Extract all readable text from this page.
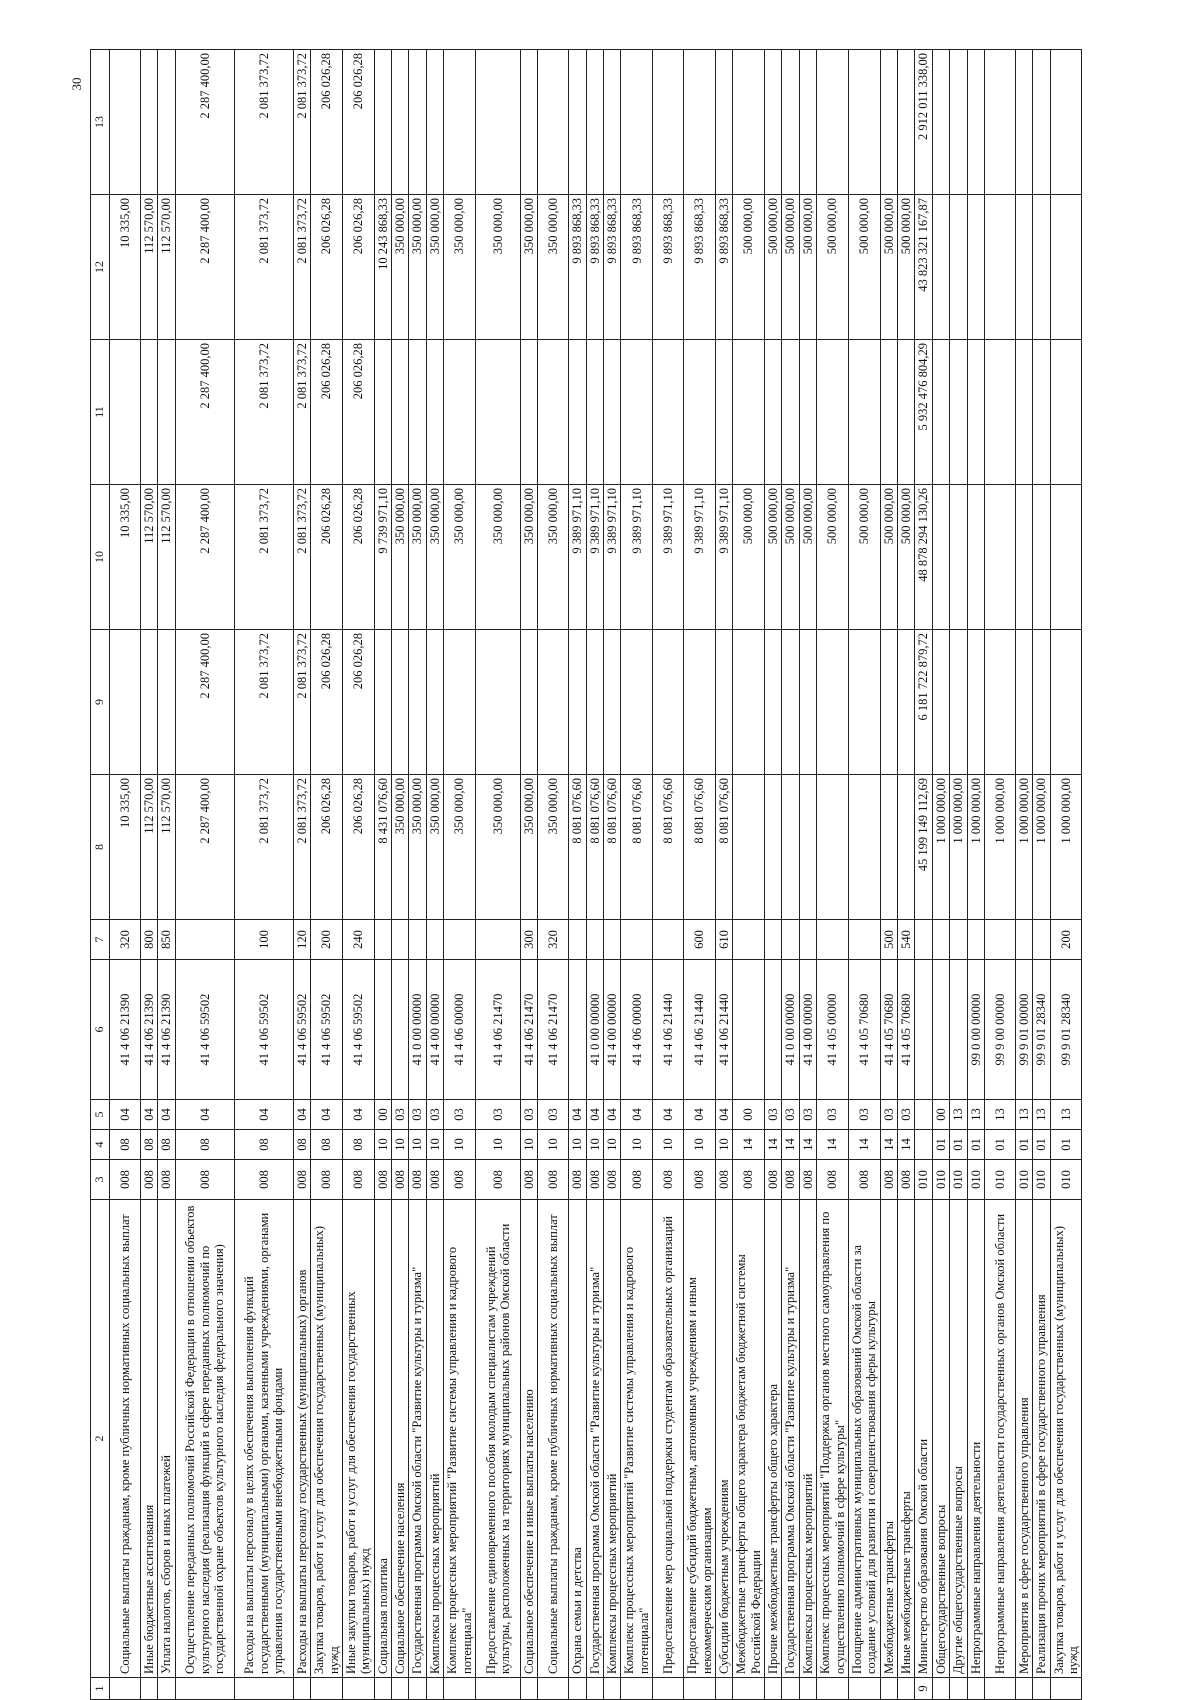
30
1	2	3	4	5	6	7	8	9	10	11	12	13
	Социальные выплаты гражданам, кроме публичных нормативных социальных выплат	008	08	04	41 4 06 21390	320	10 335,00		10 335,00		10 335,00	
	Иные бюджетные ассигнования	008	08	04	41 4 06 21390	800	112 570,00		112 570,00		112 570,00	
	Уплата налогов, сборов и иных платежей	008	08	04	41 4 06 21390	850	112 570,00		112 570,00		112 570,00	
	Осуществление переданных полномочий Российской Федерации в отношении объектов культурного наследия (реализация функций в сфере переданных полномочий по государственной охране объектов культурного наследия федерального значения)	008	08	04	41 4 06 59502		2 287 400,00	2 287 400,00	2 287 400,00	2 287 400,00	2 287 400,00	2 287 400,00
	Расходы на выплаты персоналу в целях обеспечения выполнения функций государственными (муниципальными) органами, казенными учреждениями, органами управления государственными внебюджетными фондами	008	08	04	41 4 06 59502	100	2 081 373,72	2 081 373,72	2 081 373,72	2 081 373,72	2 081 373,72	2 081 373,72
	Расходы на выплаты персоналу государственных (муниципальных) органов	008	08	04	41 4 06 59502	120	2 081 373,72	2 081 373,72	2 081 373,72	2 081 373,72	2 081 373,72	2 081 373,72
	Закупка товаров, работ и услуг для обеспечения государственных (муниципальных) нужд	008	08	04	41 4 06 59502	200	206 026,28	206 026,28	206 026,28	206 026,28	206 026,28	206 026,28
	Иные закупки товаров, работ и услуг для обеспечения государственных (муниципальных) нужд	008	08	04	41 4 06 59502	240	206 026,28	206 026,28	206 026,28	206 026,28	206 026,28	206 026,28
	Социальная политика	008	10	00			8 431 076,60		9 739 971,10		10 243 868,33	
	Социальное обеспечение населения	008	10	03			350 000,00		350 000,00		350 000,00	
	Государственная программа Омской области "Развитие культуры и туризма"	008	10	03	41 0 00 00000		350 000,00		350 000,00		350 000,00	
	Комплексы процессных мероприятий	008	10	03	41 4 00 00000		350 000,00		350 000,00		350 000,00	
	Комплекс процессных мероприятий "Развитие системы управления и кадрового потенциала"	008	10	03	41 4 06 00000		350 000,00		350 000,00		350 000,00	
	Предоставление единовременного пособия молодым специалистам учреждений культуры, расположенных на территориях муниципальных районов Омской области	008	10	03	41 4 06 21470		350 000,00		350 000,00		350 000,00	
	Социальное обеспечение и иные выплаты населению	008	10	03	41 4 06 21470	300	350 000,00		350 000,00		350 000,00	
	Социальные выплаты гражданам, кроме публичных нормативных социальных выплат	008	10	03	41 4 06 21470	320	350 000,00		350 000,00		350 000,00	
	Охрана семьи и детства	008	10	04			8 081 076,60		9 389 971,10		9 893 868,33	
	Государственная программа Омской области "Развитие культуры и туризма"	008	10	04	41 0 00 00000		8 081 076,60		9 389 971,10		9 893 868,33	
	Комплексы процессных мероприятий	008	10	04	41 4 00 00000		8 081 076,60		9 389 971,10		9 893 868,33	
	Комплекс процессных мероприятий "Развитие системы управления и кадрового потенциала"	008	10	04	41 4 06 00000		8 081 076,60		9 389 971,10		9 893 868,33	
	Предоставление мер социальной поддержки студентам образовательных организаций	008	10	04	41 4 06 21440		8 081 076,60		9 389 971,10		9 893 868,33	
	Предоставление субсидий бюджетным, автономным учреждениям и иным некоммерческим организациям	008	10	04	41 4 06 21440	600	8 081 076,60		9 389 971,10		9 893 868,33	
	Субсидии бюджетным учреждениям	008	10	04	41 4 06 21440	610	8 081 076,60		9 389 971,10		9 893 868,33	
	Межбюджетные трансферты общего характера бюджетам бюджетной системы Российской Федерации	008	14	00					500 000,00		500 000,00	
	Прочие межбюджетные трансферты общего характера	008	14	03					500 000,00		500 000,00	
	Государственная программа Омской области "Развитие культуры и туризма"	008	14	03	41 0 00 00000				500 000,00		500 000,00	
	Комплексы процессных мероприятий	008	14	03	41 4 00 00000				500 000,00		500 000,00	
	Комплекс процессных мероприятий "Поддержка органов местного самоуправления по осуществлению полномочий в сфере культуры"	008	14	03	41 4 05 00000				500 000,00		500 000,00	
	Поощрение административных муниципальных образований Омской области за создание условий для развития и совершенствования сферы культуры	008	14	03	41 4 05 70680				500 000,00		500 000,00	
	Межбюджетные трансферты	008	14	03	41 4 05 70680	500			500 000,00		500 000,00	
	Иные межбюджетные трансферты	008	14	03	41 4 05 70680	540			500 000,00		500 000,00	
9	Министерство образования Омской области	010					45 199 149 112,69	6 181 722 879,72	48 878 294 130,26	5 932 476 804,29	43 823 321 167,87	2 912 011 338,00
	Общегосударственные вопросы	010	01	00			1 000 000,00					
	Другие общегосударственные вопросы	010	01	13			1 000 000,00					
	Непрограммные направления деятельности	010	01	13	99 0 00 00000		1 000 000,00					
	Непрограммные направления деятельности государственных органов Омской области	010	01	13	99 9 00 00000		1 000 000,00					
	Мероприятия в сфере государственного управления	010	01	13	99 9 01 00000		1 000 000,00					
	Реализация прочих мероприятий в сфере государственного управления	010	01	13	99 9 01 28340		1 000 000,00					
	Закупка товаров, работ и услуг для обеспечения государственных (муниципальных) нужд	010	01	13	99 9 01 28340	200	1 000 000,00					
